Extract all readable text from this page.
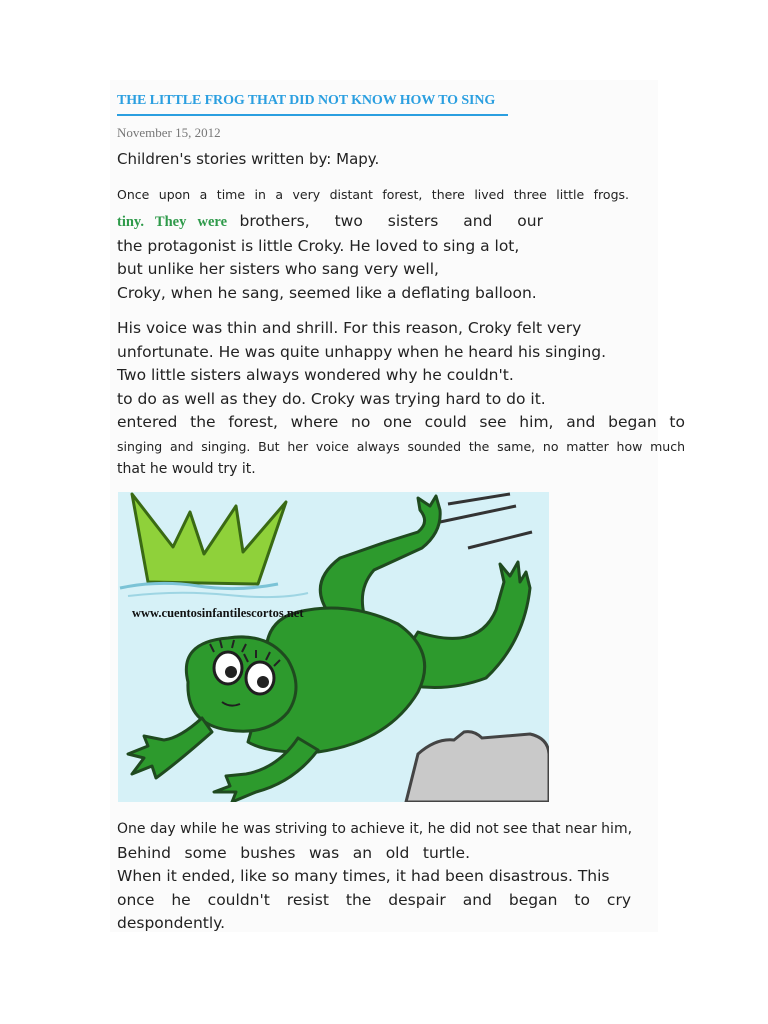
THE LITTLE FROG THAT DID NOT KNOW HOW TO SING
November 15, 2012
Children's stories written by: Mapy.
Once upon a time in a very distant forest, there lived three little frogs.
tiny. They were brothers,  two  sisters  and  our
the protagonist is little Croky. He loved to sing a lot,
but unlike her sisters who sang very well,
Croky, when he sang, seemed like a deflating balloon.
His voice was thin and shrill. For this reason, Croky felt very
unfortunate. He was quite unhappy when he heard his singing.
Two little sisters always wondered why he couldn't.
to do as well as they do. Croky was trying hard to do it.
entered the forest, where no one could see him, and began to
singing and singing. But her voice always sounded the same, no matter how much
that he would try it.
www.cuentosinfantilescortos.net
One day while he was striving to achieve it, he did not see that near him,
Behind some bushes was an old turtle.
When it ended, like so many times, it had been disastrous. This
once he couldn't resist the despair and began to cry
despondently.
